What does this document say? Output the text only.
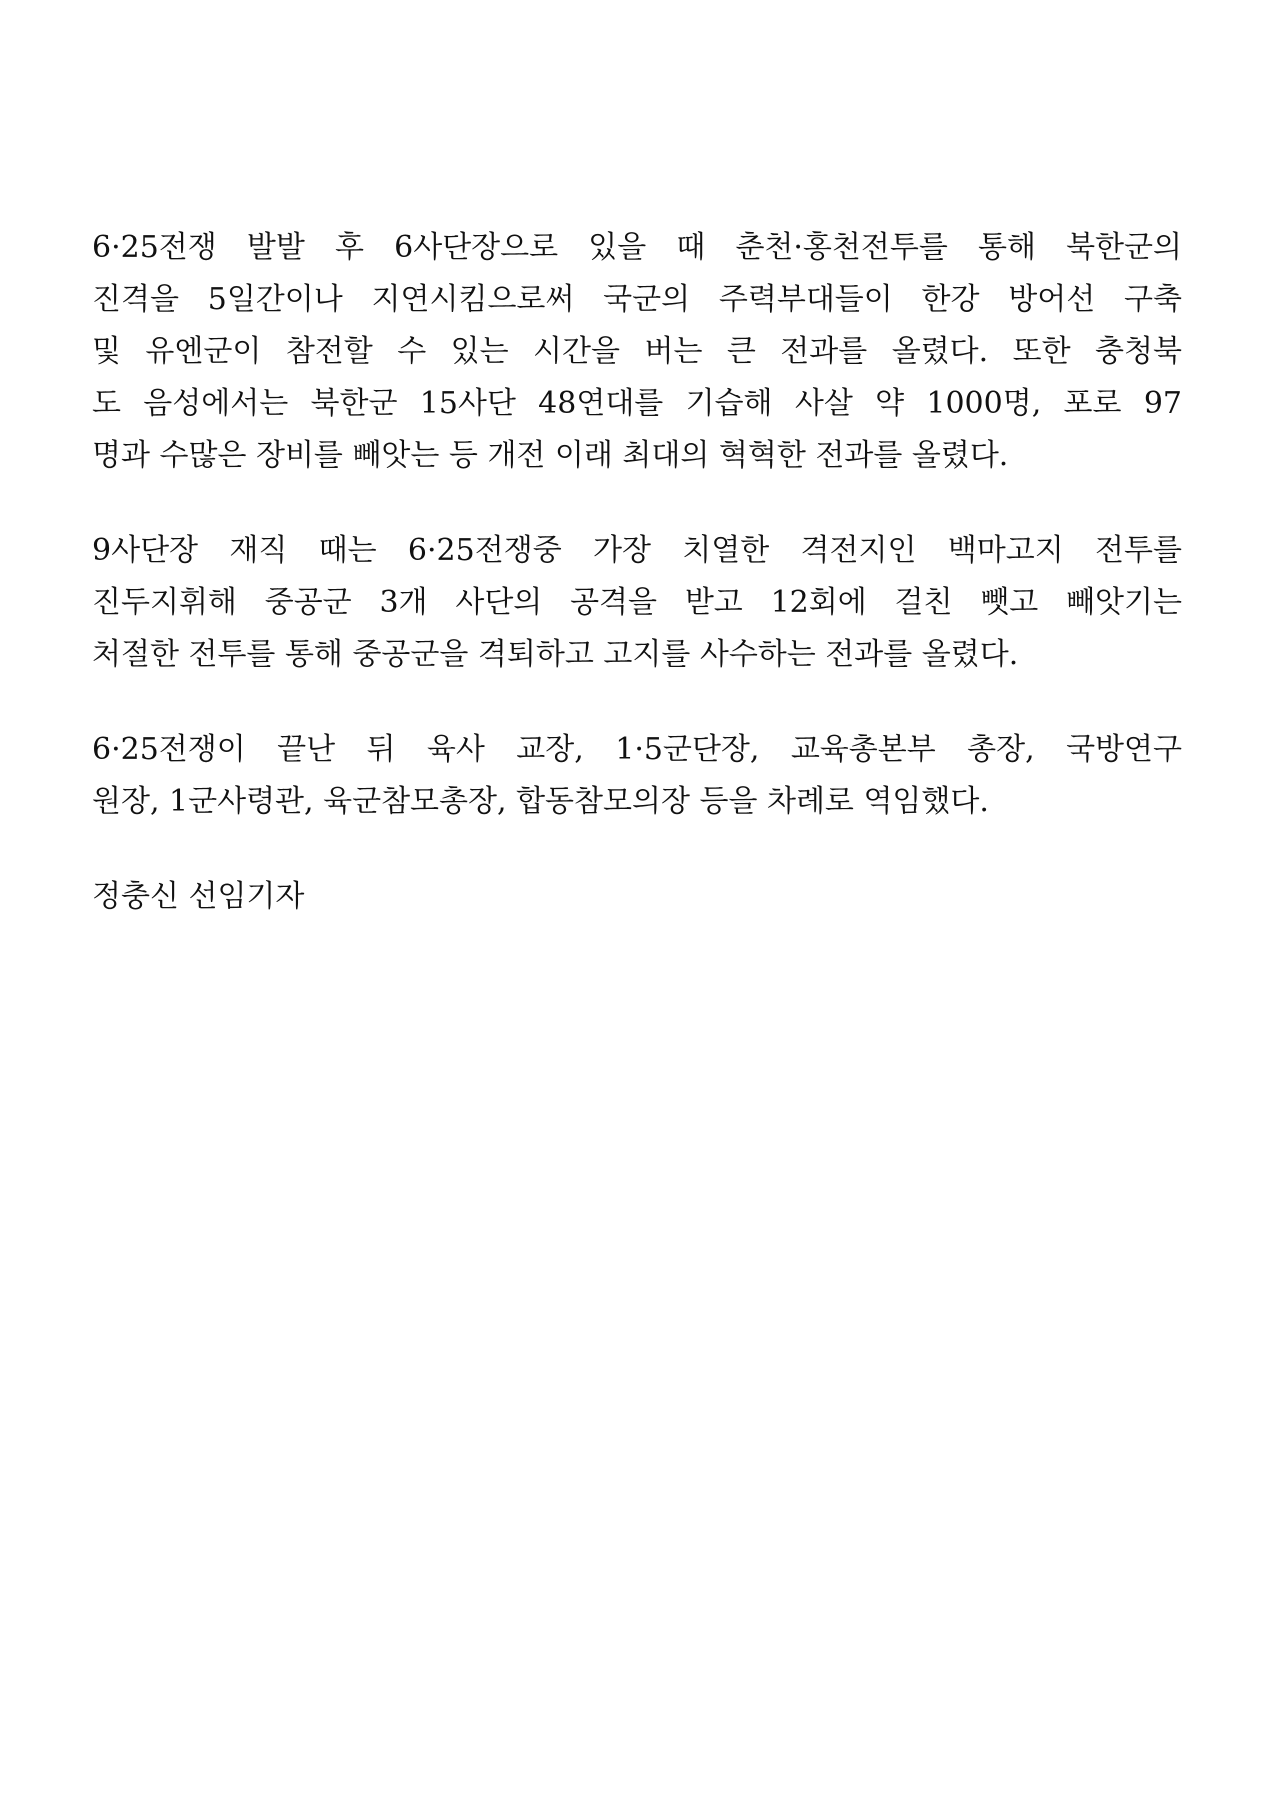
6·25전쟁 발발 후 6사단장으로 있을 때 춘천·홍천전투를 통해 북한군의
진격을 5일간이나 지연시킴으로써 국군의 주력부대들이 한강 방어선 구축
및 유엔군이 참전할 수 있는 시간을 버는 큰 전과를 올렸다. 또한 충청북
도 음성에서는 북한군 15사단 48연대를 기습해 사살 약 1000명, 포로 97
명과 수많은 장비를 빼앗는 등 개전 이래 최대의 혁혁한 전과를 올렸다.
9사단장 재직 때는 6·25전쟁중 가장 치열한 격전지인 백마고지 전투를
진두지휘해 중공군 3개 사단의 공격을 받고 12회에 걸친 뺏고 빼앗기는
처절한 전투를 통해 중공군을 격퇴하고 고지를 사수하는 전과를 올렸다.
6·25전쟁이 끝난 뒤 육사 교장, 1·5군단장, 교육총본부 총장, 국방연구
원장, 1군사령관, 육군참모총장, 합동참모의장 등을 차례로 역임했다.
정충신 선임기자
